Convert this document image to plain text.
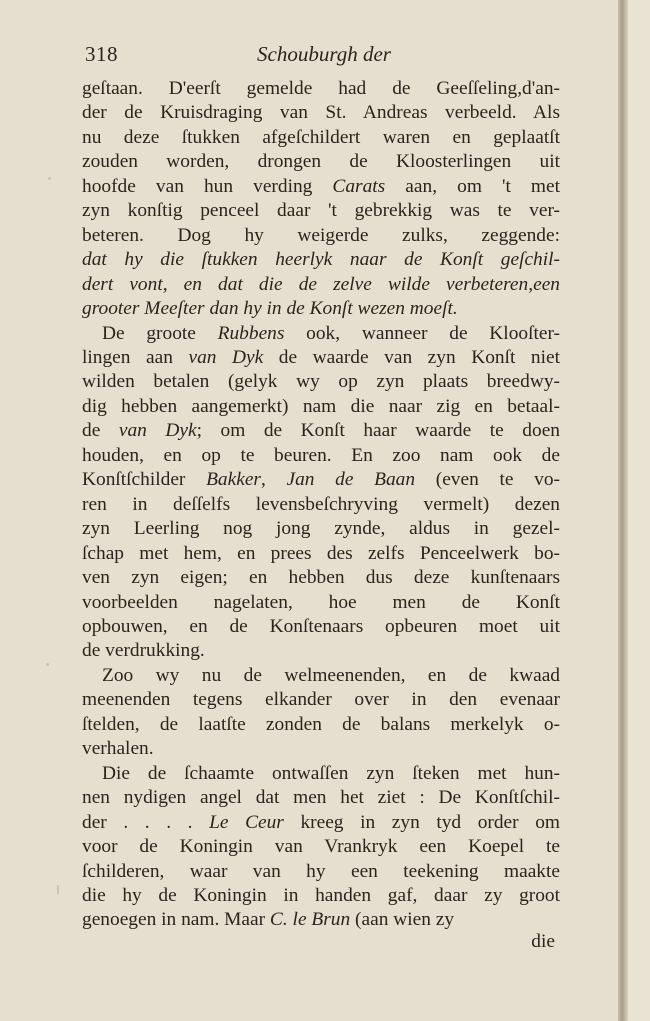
318	Schouburgh der
geſtaan. D'eerſt gemelde had de Geeſſeling,d'an-
der de Kruisdraging van St. Andreas verbeeld. Als
nu deze ſtukken afgeſchildert waren en geplaatſt
zouden worden, drongen de Kloosterlingen uit
hoofde van hun verding Carats aan, om 't met
zyn konſtig penceel daar 't gebrekkig was te ver-
beteren. Dog hy weigerde zulks, zeggende:
dat hy die ſtukken heerlyk naar de Konſt geſchil-
dert vont, en dat die de zelve wilde verbeteren,een
grooter Meeſter dan hy in de Konſt wezen moeſt.
De groote Rubbens ook, wanneer de Klooſter-
lingen aan van Dyk de waarde van zyn Konſt niet
wilden betalen (gelyk wy op zyn plaats breedwy-
dig hebben aangemerkt) nam die naar zig en betaal-
de van Dyk; om de Konſt haar waarde te doen
houden, en op te beuren. En zoo nam ook de
Konſtſchilder Bakker, Jan de Baan (even te vo-
ren in deſſelfs levensbeſchryving vermelt) dezen
zyn Leerling nog jong zynde, aldus in gezel-
ſchap met hem, en prees des zelfs Penceelwerk bo-
ven zyn eigen; en hebben dus deze kunſtenaars
voorbeelden nagelaten, hoe men de Konſt
opbouwen, en de Konſtenaars opbeuren moet uit
de verdrukking.
Zoo wy nu de welmeenenden, en de kwaad
meenenden tegens elkander over in den evenaar
ſtelden, de laatſte zonden de balans merkelyk o-
verhalen.
Die de ſchaamte ontwaſſen zyn ſteken met hun-
nen nydigen angel dat men het ziet : De Konſtſchil-
der . . . . Le Ceur kreeg in zyn tyd order om
voor de Koningin van Vrankryk een Koepel te
ſchilderen, waar van hy een teekening maakte
die hy de Koningin in handen gaf, daar zy groot
genoegen in nam. Maar C. le Brun (aan wien zy
die
